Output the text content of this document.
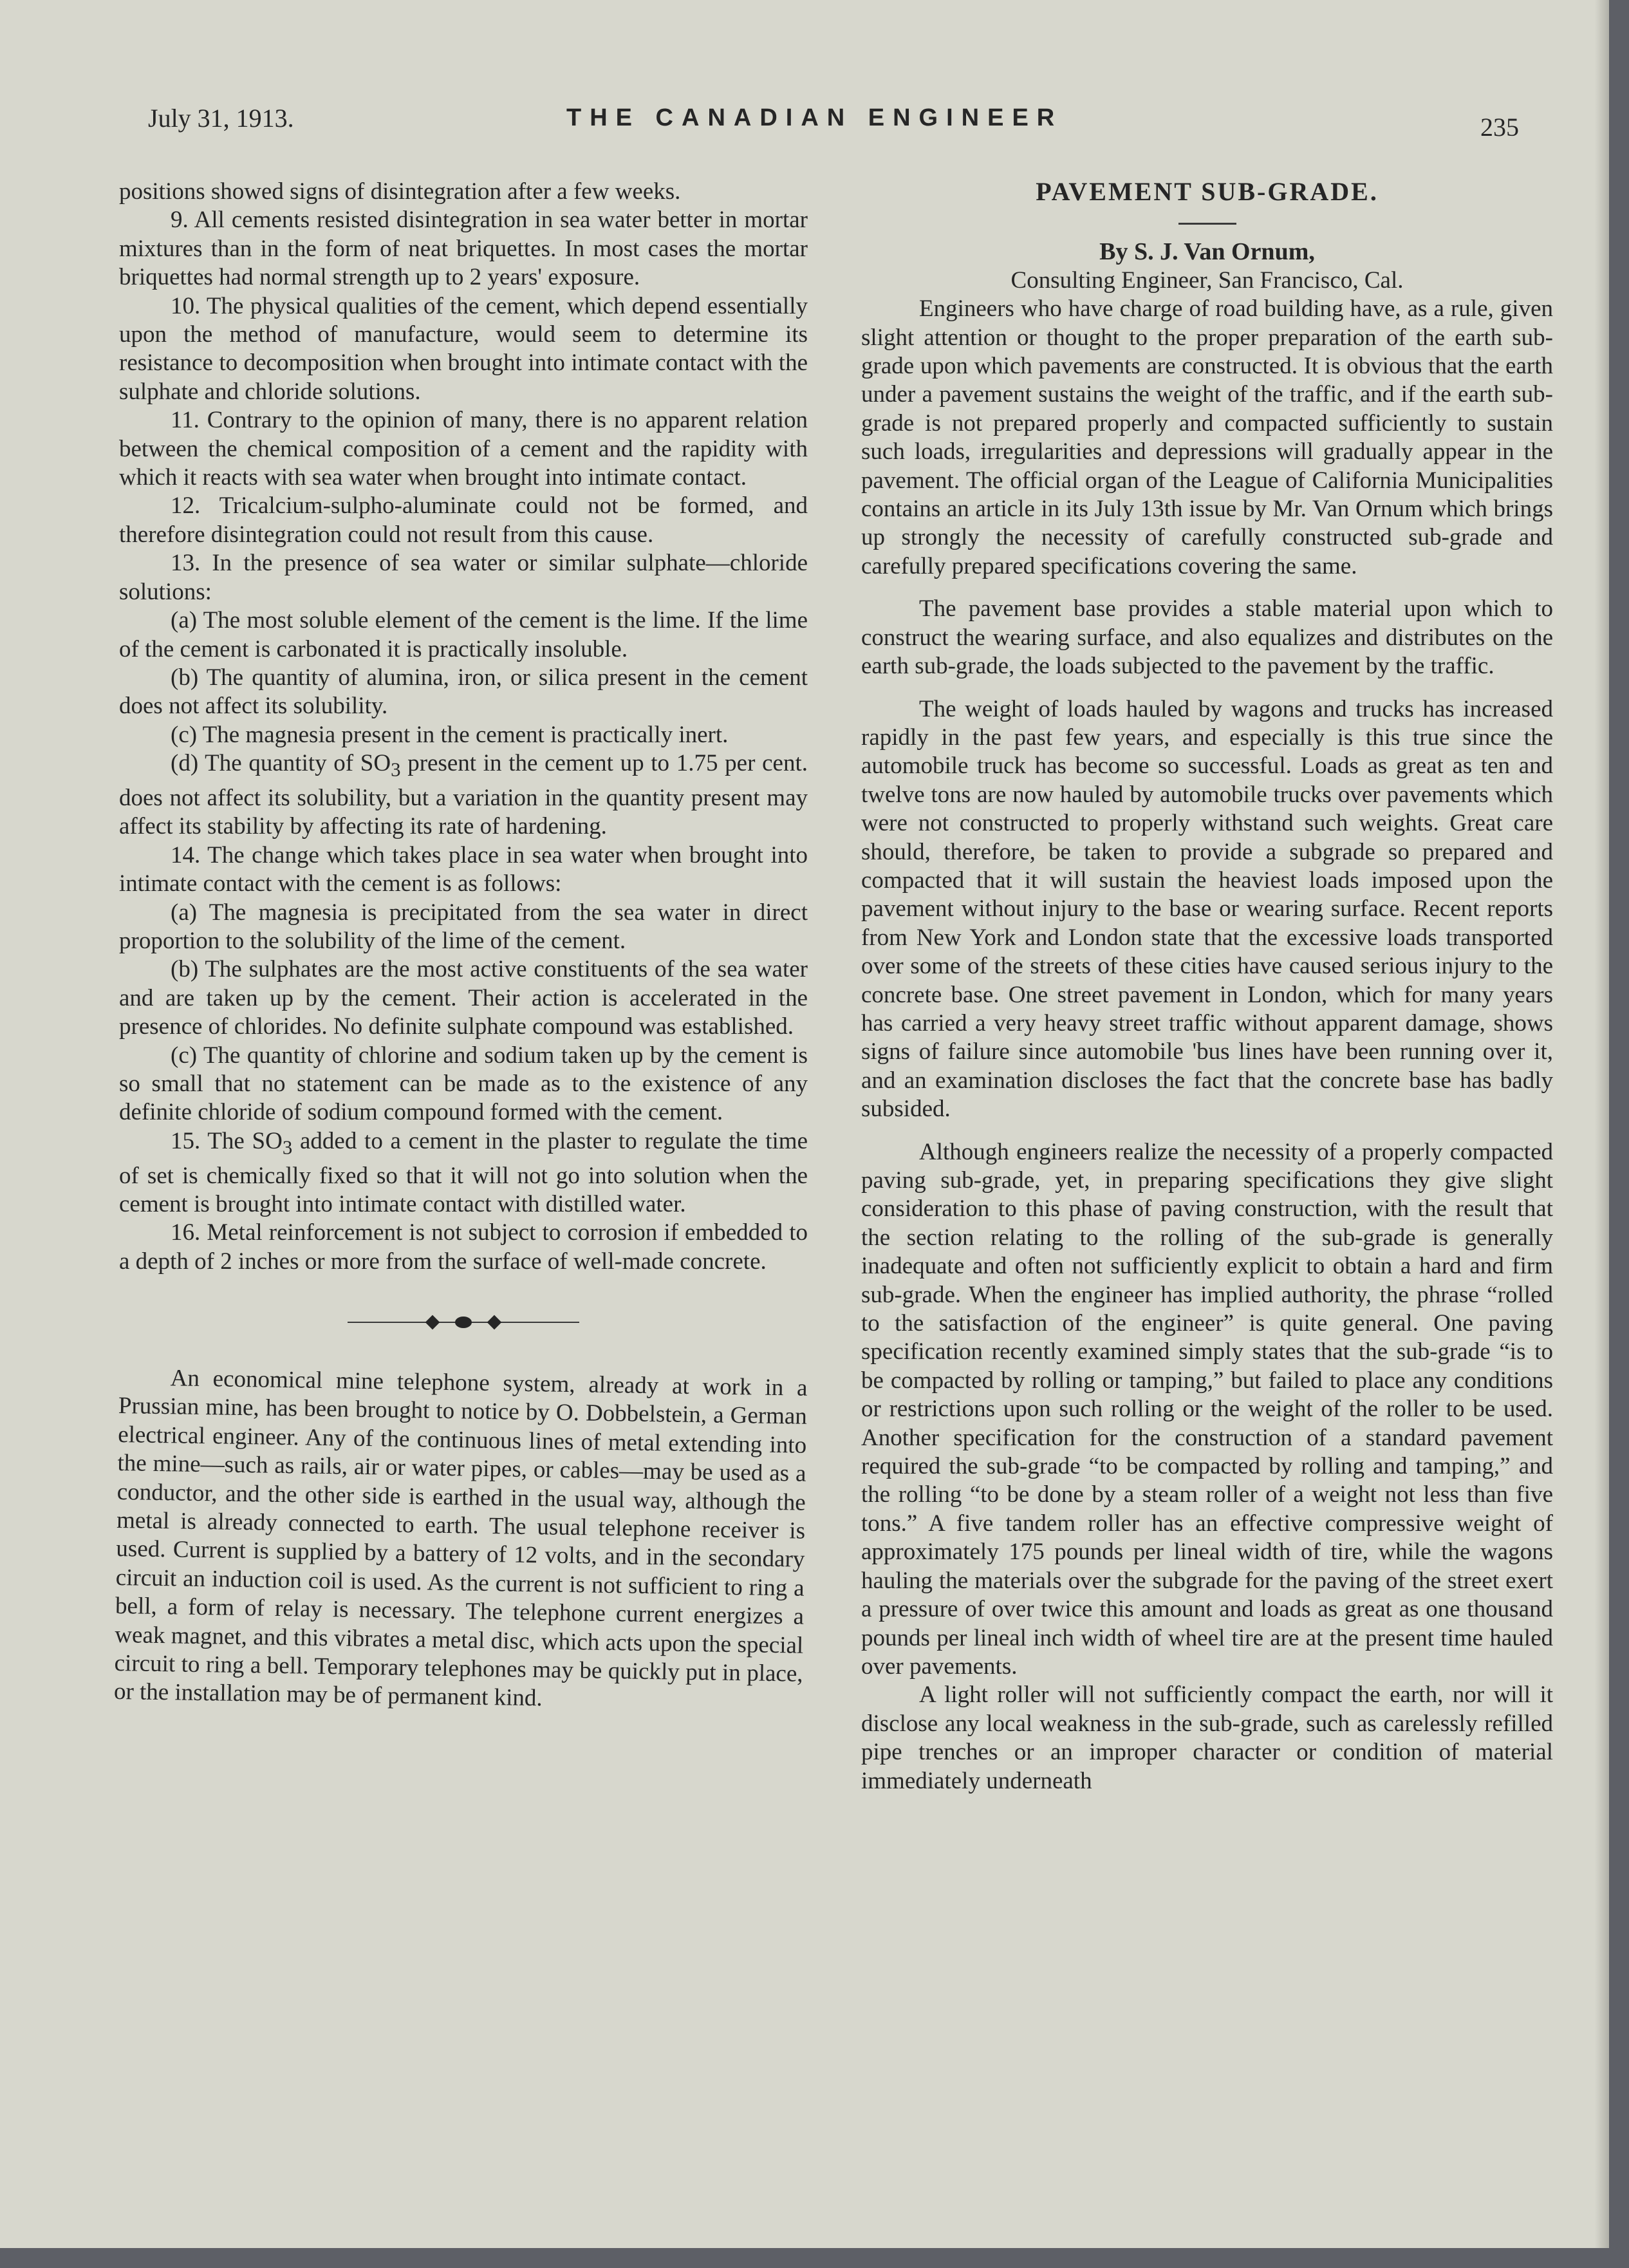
July 31, 1913.	THE CANADIAN ENGINEER	235

positions showed signs of disintegration after a few weeks.

9. All cements resisted disintegration in sea water better in mortar mixtures than in the form of neat briquettes. In most cases the mortar briquettes had normal strength up to 2 years' exposure.

10. The physical qualities of the cement, which depend essentially upon the method of manufacture, would seem to determine its resistance to decomposition when brought into intimate contact with the sulphate and chloride solutions.

11. Contrary to the opinion of many, there is no apparent relation between the chemical composition of a cement and the rapidity with which it reacts with sea water when brought into intimate contact.

12. Tricalcium-sulpho-aluminate could not be formed, and therefore disintegration could not result from this cause.

13. In the presence of sea water or similar sulphate—chloride solutions:

(a) The most soluble element of the cement is the lime. If the lime of the cement is carbonated it is practically insoluble.

(b) The quantity of alumina, iron, or silica present in the cement does not affect its solubility.

(c) The magnesia present in the cement is practically inert.

(d) The quantity of $SO_3$ present in the cement up to 1.75 per cent. does not affect its solubility, but a variation in the quantity present may affect its stability by affecting its rate of hardening.

14. The change which takes place in sea water when brought into intimate contact with the cement is as follows:

(a) The magnesia is precipitated from the sea water in direct proportion to the solubility of the lime of the cement.

(b) The sulphates are the most active constituents of the sea water and are taken up by the cement. Their action is accelerated in the presence of chlorides. No definite sulphate compound was established.

(c) The quantity of chlorine and sodium taken up by the cement is so small that no statement can be made as to the existence of any definite chloride of sodium compound formed with the cement.

15. The $SO_3$ added to a cement in the plaster to regulate the time of set is chemically fixed so that it will not go into solution when the cement is brought into intimate contact with distilled water.

16. Metal reinforcement is not subject to corrosion if embedded to a depth of 2 inches or more from the surface of well-made concrete.

An economical mine telephone system, already at work in a Prussian mine, has been brought to notice by O. Dobbelstein, a German electrical engineer. Any of the continuous lines of metal extending into the mine—such as rails, air or water pipes, or cables—may be used as a conductor, and the other side is earthed in the usual way, although the metal is already connected to earth. The usual telephone receiver is used. Current is supplied by a battery of 12 volts, and in the secondary circuit an induction coil is used. As the current is not sufficient to ring a bell, a form of relay is necessary. The telephone current energizes a weak magnet, and this vibrates a metal disc, which acts upon the special circuit to ring a bell. Temporary telephones may be quickly put in place, or the installation may be of permanent kind.

PAVEMENT SUB-GRADE.

By S. J. Van Ornum,

Consulting Engineer, San Francisco, Cal.

Engineers who have charge of road building have, as a rule, given slight attention or thought to the proper preparation of the earth sub-grade upon which pavements are constructed. It is obvious that the earth under a pavement sustains the weight of the traffic, and if the earth sub-grade is not prepared properly and compacted sufficiently to sustain such loads, irregularities and depressions will gradually appear in the pavement. The official organ of the League of California Municipalities contains an article in its July 13th issue by Mr. Van Ornum which brings up strongly the necessity of carefully constructed sub-grade and carefully prepared specifications covering the same.

The pavement base provides a stable material upon which to construct the wearing surface, and also equalizes and distributes on the earth sub-grade, the loads subjected to the pavement by the traffic.

The weight of loads hauled by wagons and trucks has increased rapidly in the past few years, and especially is this true since the automobile truck has become so successful. Loads as great as ten and twelve tons are now hauled by automobile trucks over pavements which were not constructed to properly withstand such weights. Great care should, therefore, be taken to provide a subgrade so prepared and compacted that it will sustain the heaviest loads imposed upon the pavement without injury to the base or wearing surface. Recent reports from New York and London state that the excessive loads transported over some of the streets of these cities have caused serious injury to the concrete base. One street pavement in London, which for many years has carried a very heavy street traffic without apparent damage, shows signs of failure since automobile 'bus lines have been running over it, and an examination discloses the fact that the concrete base has badly subsided.

Although engineers realize the necessity of a properly compacted paving sub-grade, yet, in preparing specifications they give slight consideration to this phase of paving construction, with the result that the section relating to the rolling of the sub-grade is generally inadequate and often not sufficiently explicit to obtain a hard and firm sub-grade. When the engineer has implied authority, the phrase “rolled to the satisfaction of the engineer” is quite general. One paving specification recently examined simply states that the sub-grade “is to be compacted by rolling or tamping,” but failed to place any conditions or restrictions upon such rolling or the weight of the roller to be used. Another specification for the construction of a standard pavement required the sub-grade “to be compacted by rolling and tamping,” and the rolling “to be done by a steam roller of a weight not less than five tons.” A five tandem roller has an effective compressive weight of approximately 175 pounds per lineal width of tire, while the wagons hauling the materials over the subgrade for the paving of the street exert a pressure of over twice this amount and loads as great as one thousand pounds per lineal inch width of wheel tire are at the present time hauled over pavements.

A light roller will not sufficiently compact the earth, nor will it disclose any local weakness in the sub-grade, such as carelessly refilled pipe trenches or an improper character or condition of material immediately underneath
